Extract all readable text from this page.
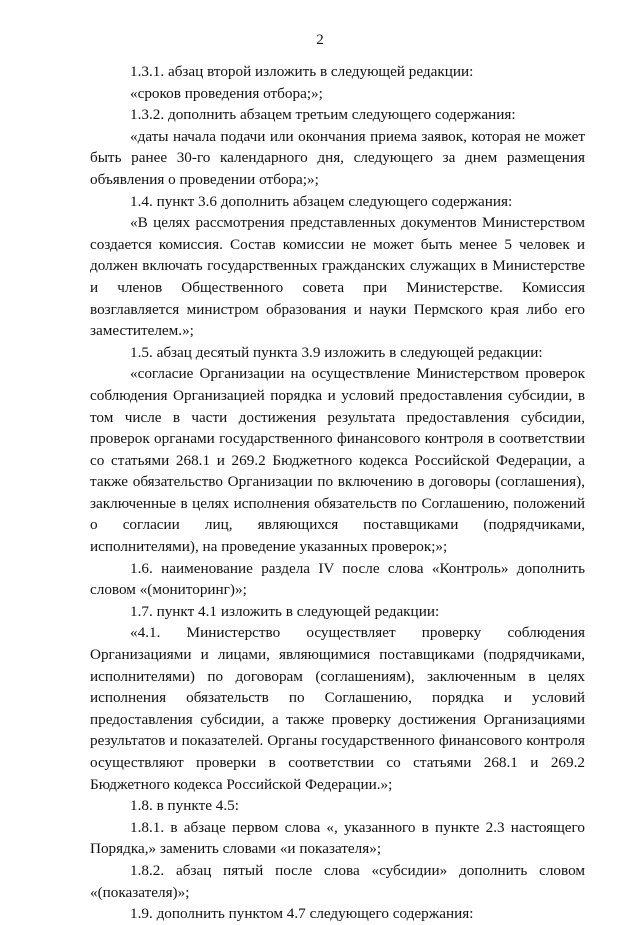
2

1.3.1. абзац второй изложить в следующей редакции:

«сроков проведения отбора;»;

1.3.2. дополнить абзацем третьим следующего содержания:

«даты начала подачи или окончания приема заявок, которая не может быть ранее 30-го календарного дня, следующего за днем размещения объявления о проведении отбора;»;

1.4. пункт 3.6 дополнить абзацем следующего содержания:

«В целях рассмотрения представленных документов Министерством создается комиссия. Состав комиссии не может быть менее 5 человек и должен включать государственных гражданских служащих в Министерстве и членов Общественного совета при Министерстве. Комиссия возглавляется министром образования и науки Пермского края либо его заместителем.»;

1.5. абзац десятый пункта 3.9 изложить в следующей редакции:

«согласие Организации на осуществление Министерством проверок соблюдения Организацией порядка и условий предоставления субсидии, в том числе в части достижения результата предоставления субсидии, проверок органами государственного финансового контроля в соответствии со статьями 268.1 и 269.2 Бюджетного кодекса Российской Федерации, а также обязательство Организации по включению в договоры (соглашения), заключенные в целях исполнения обязательств по Соглашению, положений о согласии лиц, являющихся поставщиками (подрядчиками, исполнителями), на проведение указанных проверок;»;

1.6. наименование раздела IV после слова «Контроль» дополнить словом «(мониторинг)»;

1.7. пункт 4.1 изложить в следующей редакции:

«4.1. Министерство осуществляет проверку соблюдения Организациями и лицами, являющимися поставщиками (подрядчиками, исполнителями) по договорам (соглашениям), заключенным в целях исполнения обязательств по Соглашению, порядка и условий предоставления субсидии, а также проверку достижения Организациями результатов и показателей. Органы государственного финансового контроля осуществляют проверки в соответствии со статьями 268.1 и 269.2 Бюджетного кодекса Российской Федерации.»;

1.8. в пункте 4.5:

1.8.1. в абзаце первом слова «, указанного в пункте 2.3 настоящего Порядка,» заменить словами «и показателя»;

1.8.2. абзац пятый после слова «субсидии» дополнить словом «(показателя)»;

1.9. дополнить пунктом 4.7 следующего содержания:
